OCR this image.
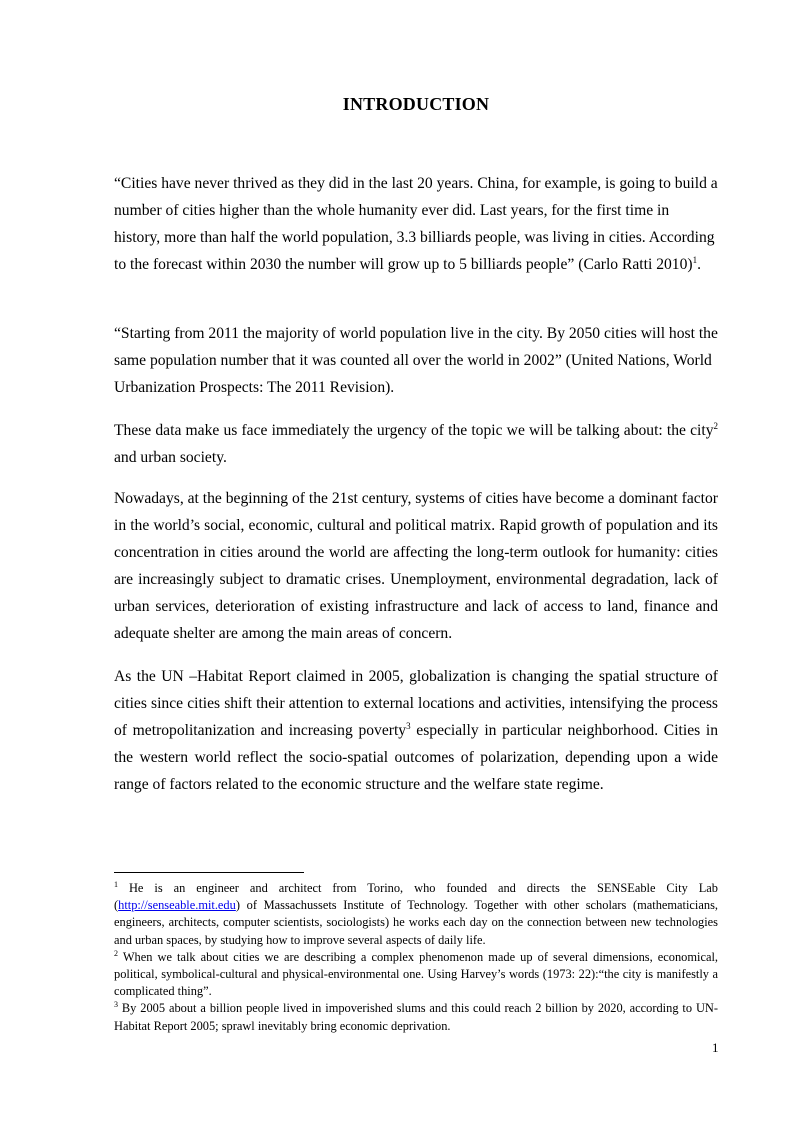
INTRODUCTION

“Cities have never thrived as they did in the last 20 years. China, for example, is going to build a number of cities higher than the whole humanity ever did. Last years, for the first time in history, more than half the world population, 3.3 billiards people, was living in cities. According to the forecast within 2030 the number will grow up to 5 billiards people” (Carlo Ratti 2010)$^1$.

“Starting from 2011 the majority of world population live in the city. By 2050 cities will host the same population number that it was counted all over the world in 2002” (United Nations, World Urbanization Prospects: The 2011 Revision).

These data make us face immediately the urgency of the topic we will be talking about: the city$^2$ and urban society.

Nowadays, at the beginning of the 21st century, systems of cities have become a dominant factor in the world’s social, economic, cultural and political matrix. Rapid growth of population and its concentration in cities around the world are affecting the long-term outlook for humanity: cities are increasingly subject to dramatic crises. Unemployment, environmental degradation, lack of urban services, deterioration of existing infrastructure and lack of access to land, finance and adequate shelter are among the main areas of concern.

As the UN –Habitat Report claimed in 2005, globalization is changing the spatial structure of cities since cities shift their attention to external locations and activities, intensifying the process of metropolitanization and increasing poverty$^3$ especially in particular neighborhood. Cities in the western world reflect the socio-spatial outcomes of polarization, depending upon a wide range of factors related to the economic structure and the welfare state regime.

$^1$ He is an engineer and architect from Torino, who founded and directs the SENSEable City Lab (http://senseable.mit.edu) of Massachussets Institute of Technology. Together with other scholars (mathematicians, engineers, architects, computer scientists, sociologists) he works each day on the connection between new technologies and urban spaces, by studying how to improve several aspects of daily life.

$^2$ When we talk about cities we are describing a complex phenomenon made up of several dimensions, economical, political, symbolical-cultural and physical-environmental one. Using Harvey’s words (1973: 22):“the city is manifestly a complicated thing”.

$^3$ By 2005 about a billion people lived in impoverished slums and this could reach 2 billion by 2020, according to UN-Habitat Report 2005; sprawl inevitably bring economic deprivation.

1
